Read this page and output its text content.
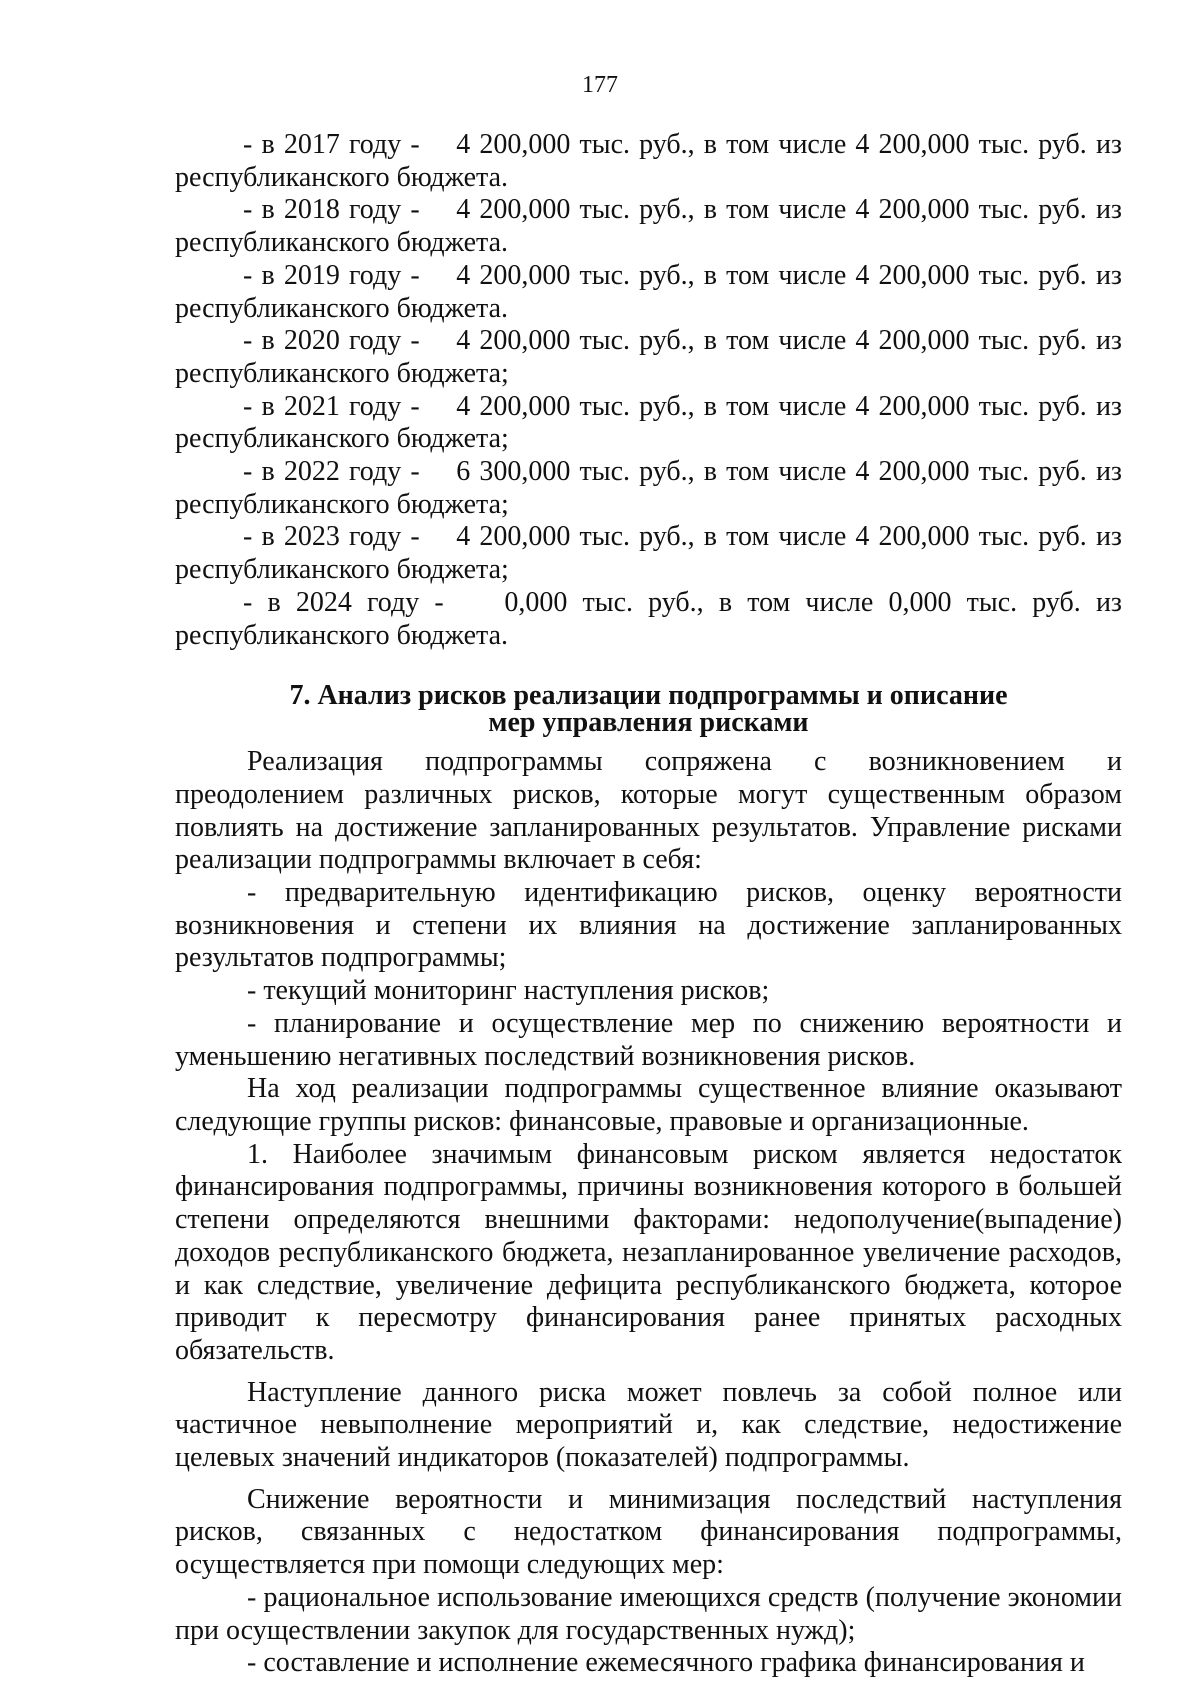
177

- в 2017 году -    4 200,000 тыс. руб., в том числе 4 200,000 тыс. руб. из республиканского бюджета.

- в 2018 году -    4 200,000 тыс. руб., в том числе 4 200,000 тыс. руб. из республиканского бюджета.

- в 2019 году -    4 200,000 тыс. руб., в том числе 4 200,000 тыс. руб. из республиканского бюджета.

- в 2020 году -    4 200,000 тыс. руб., в том числе 4 200,000 тыс. руб. из республиканского бюджета;

- в 2021 году -    4 200,000 тыс. руб., в том числе 4 200,000 тыс. руб. из республиканского бюджета;

- в 2022 году -    6 300,000 тыс. руб., в том числе 4 200,000 тыс. руб. из республиканского бюджета;

- в 2023 году -    4 200,000 тыс. руб., в том числе 4 200,000 тыс. руб. из республиканского бюджета;

- в 2024 году -    0,000 тыс. руб., в том числе 0,000 тыс. руб. из республиканского бюджета.

7. Анализ рисков реализации подпрограммы и описание
мер управления рисками

Реализация подпрограммы сопряжена с возникновением и преодолением различных рисков, которые могут существенным образом повлиять на достижение запланированных результатов. Управление рисками реализации подпрограммы включает в себя:

- предварительную идентификацию рисков, оценку вероятности возникновения и степени их влияния на достижение запланированных результатов подпрограммы;

- текущий мониторинг наступления рисков;

- планирование и осуществление мер по снижению вероятности и уменьшению негативных последствий возникновения рисков.

На ход реализации подпрограммы существенное влияние оказывают следующие группы рисков: финансовые, правовые и организационные.

1. Наиболее значимым финансовым риском является недостаток финансирования подпрограммы, причины возникновения которого в большей степени определяются внешними факторами: недополучение(выпадение) доходов республиканского бюджета, незапланированное увеличение расходов, и как следствие, увеличение дефицита республиканского бюджета, которое приводит к пересмотру финансирования ранее принятых расходных обязательств.

Наступление данного риска может повлечь за собой полное или частичное невыполнение мероприятий и, как следствие, недостижение целевых значений индикаторов (показателей) подпрограммы.

Снижение вероятности и минимизация последствий наступления рисков, связанных с недостатком финансирования подпрограммы, осуществляется при помощи следующих мер:

- рациональное использование имеющихся средств (получение экономии при осуществлении закупок для государственных нужд);

- составление и исполнение ежемесячного графика финансирования и
